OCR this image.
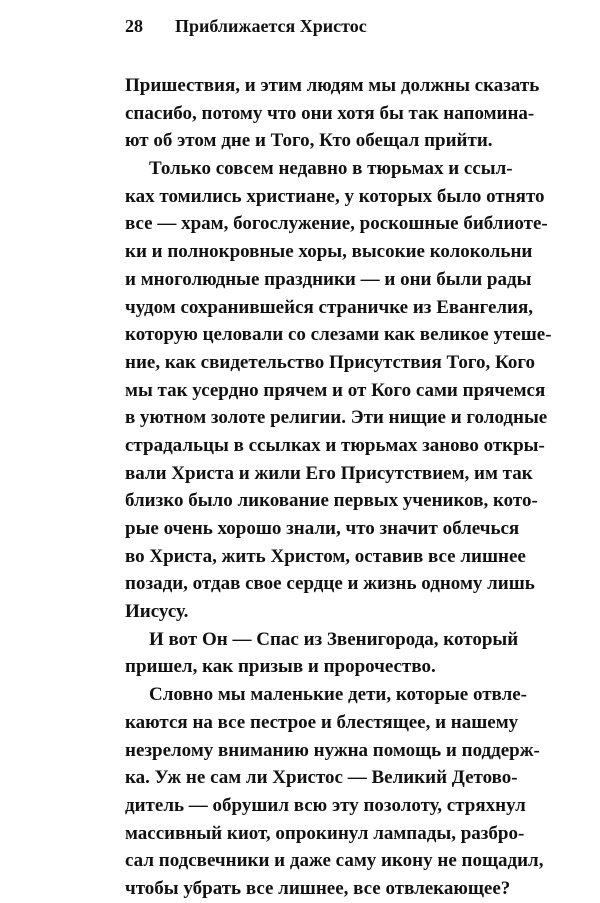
28 Приближается Христос
Пришествия, и этим людям мы должны сказать
спасибо, потому что они хотя бы так напомина-
ют об этом дне и Того, Кто обещал прийти.
Только совсем недавно в тюрьмах и ссыл-
ках томились христиане, у которых было отнято
все — храм, богослужение, роскошные библиоте-
ки и полнокровные хоры, высокие колокольни
и многолюдные праздники — и они были рады
чудом сохранившейся страничке из Евангелия,
которую целовали со слезами как великое утеше-
ние, как свидетельство Присутствия Того, Кого
мы так усердно прячем и от Кого сами прячемся
в уютном золоте религии. Эти нищие и голодные
страдальцы в ссылках и тюрьмах заново откры-
вали Христа и жили Его Присутствием, им так
близко было ликование первых учеников, кото-
рые очень хорошо знали, что значит облечься
во Христа, жить Христом, оставив все лишнее
позади, отдав свое сердце и жизнь одному лишь
Иисусу.
И вот Он — Спас из Звенигорода, который
пришел, как призыв и пророчество.
Словно мы маленькие дети, которые отвле-
каются на все пестрое и блестящее, и нашему
незрелому вниманию нужна помощь и поддерж-
ка. Уж не сам ли Христос — Великий Детово-
дитель — обрушил всю эту позолоту, стряхнул
массивный киот, опрокинул лампады, разбро-
сал подсвечники и даже саму икону не пощадил,
чтобы убрать все лишнее, все отвлекающее?
